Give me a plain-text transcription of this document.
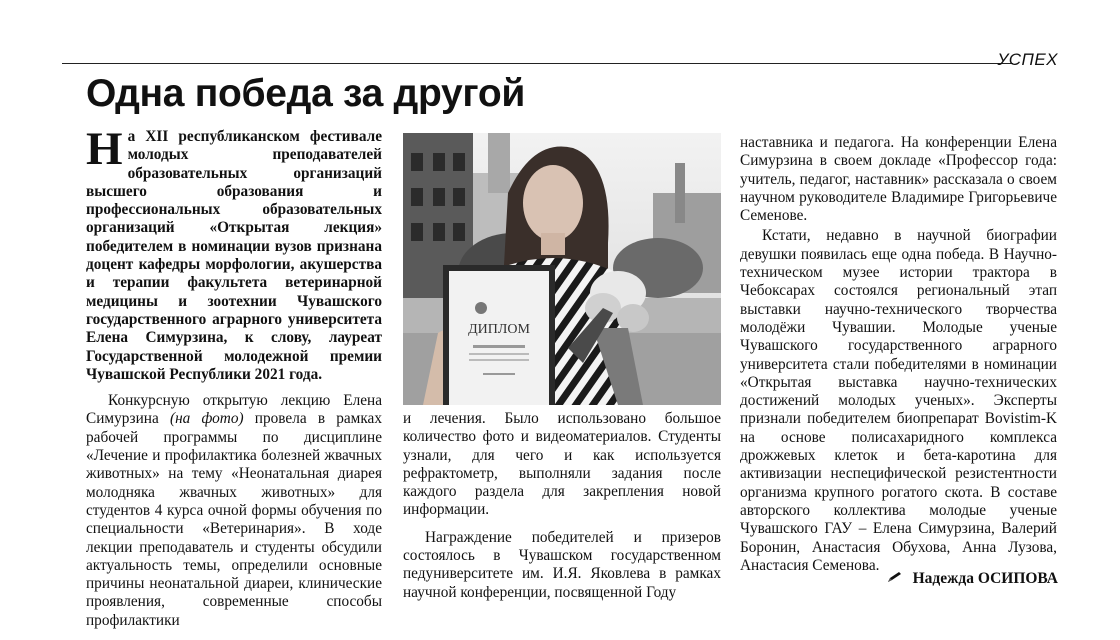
УСПЕХ
Одна победа за другой

На XII республиканском фестивале молодых преподавателей образовательных организаций высшего образования и профессиональных образовательных организаций «Открытая лекция» победителем в номинации вузов признана доцент кафедры морфологии, акушерства и терапии факультета ветеринарной медицины и зоотехнии Чувашского государственного аграрного университета Елена Симурзина, к слову, лауреат Государственной молодежной премии Чувашской Республики 2021 года.

Конкурсную открытую лекцию Елена Симурзина (на фото) провела в рамках рабочей программы по дисциплине «Лечение и профилактика болезней жвачных животных» на тему «Неонатальная диарея молодняка жвачных животных» для студентов 4 курса очной формы обучения по специальности «Ветеринария». В ходе лекции преподаватель и студенты обсудили актуальность темы, определили основные причины неонатальной диареи, клинические проявления, современные способы профилактики

ДИПЛОМ

и лечения. Было использовано большое количество фото и видеоматериалов. Студенты узнали, для чего и как используется рефрактометр, выполняли задания после каждого раздела для закрепления новой информации.

Награждение победителей и призеров состоялось в Чувашском государственном педуниверситете им. И.Я. Яковлева в рамках научной конференции, посвященной Году

наставника и педагога. На конференции Елена Симурзина в своем докладе «Профессор года: учитель, педагог, наставник» рассказала о своем научном руководителе Владимире Григорьевиче Семенове.

Кстати, недавно в научной биографии девушки появилась еще одна победа. В Научно-техническом музее истории трактора в Чебоксарах состоялся региональный этап выставки научно-технического творчества молодёжи Чувашии. Молодые ученые Чувашского государственного аграрного университета стали победителями в номинации «Открытая выставка научно-технических достижений молодых ученых». Эксперты признали победителем биопрепарат Bovistim-K на основе полисахаридного комплекса дрожжевых клеток и бета-каротина для активизации неспецифической резистентности организма крупного рогатого скота. В составе авторского коллектива молодые ученые Чувашского ГАУ – Елена Симурзина, Валерий Боронин, Анастасия Обухова, Анна Лузова, Анастасия Семенова.

Надежда ОСИПОВА
